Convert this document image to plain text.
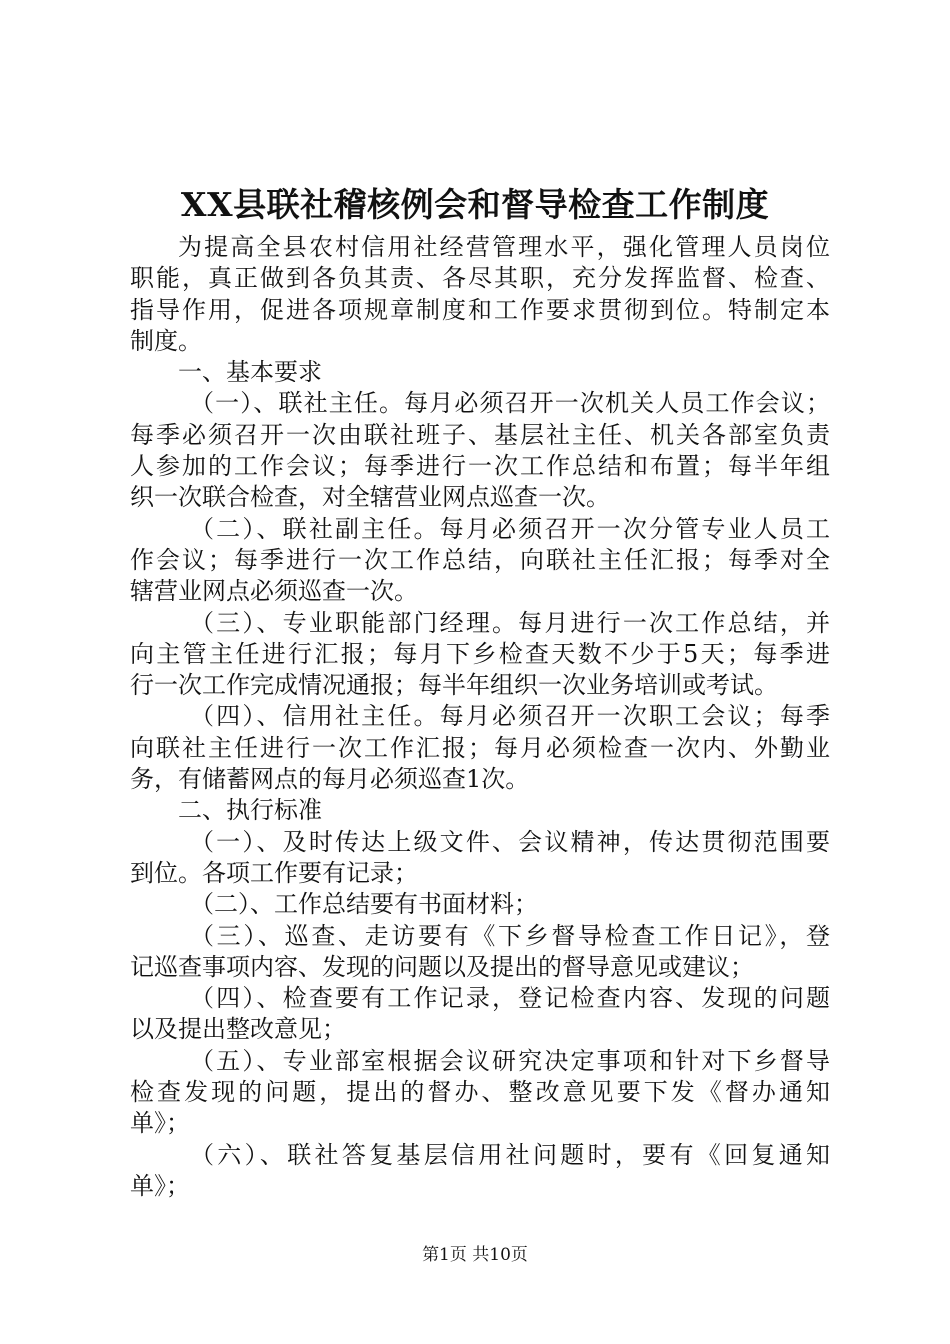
XX县联社稽核例会和督导检查工作制度
为提高全县农村信用社经营管理水平，强化管理人员岗位
职能，真正做到各负其责、各尽其职，充分发挥监督、检查、
指导作用，促进各项规章制度和工作要求贯彻到位。特制定本
制度。
一、基本要求
（一）、联社主任。每月必须召开一次机关人员工作会议；
每季必须召开一次由联社班子、基层社主任、机关各部室负责
人参加的工作会议；每季进行一次工作总结和布置；每半年组
织一次联合检查，对全辖营业网点巡查一次。
（二）、联社副主任。每月必须召开一次分管专业人员工
作会议；每季进行一次工作总结，向联社主任汇报；每季对全
辖营业网点必须巡查一次。
（三）、专业职能部门经理。每月进行一次工作总结，并
向主管主任进行汇报；每月下乡检查天数不少于5天；每季进
行一次工作完成情况通报；每半年组织一次业务培训或考试。
（四）、信用社主任。每月必须召开一次职工会议；每季
向联社主任进行一次工作汇报；每月必须检查一次内、外勤业
务，有储蓄网点的每月必须巡查1次。
二、执行标准
（一）、及时传达上级文件、会议精神，传达贯彻范围要
到位。各项工作要有记录；
（二）、工作总结要有书面材料；
（三）、巡查、走访要有《下乡督导检查工作日记》，登
记巡查事项内容、发现的问题以及提出的督导意见或建议；
（四）、检查要有工作记录，登记检查内容、发现的问题
以及提出整改意见；
（五）、专业部室根据会议研究决定事项和针对下乡督导
检查发现的问题，提出的督办、整改意见要下发《督办通知
单》；
（六）、联社答复基层信用社问题时，要有《回复通知
单》；
第1页 共10页
